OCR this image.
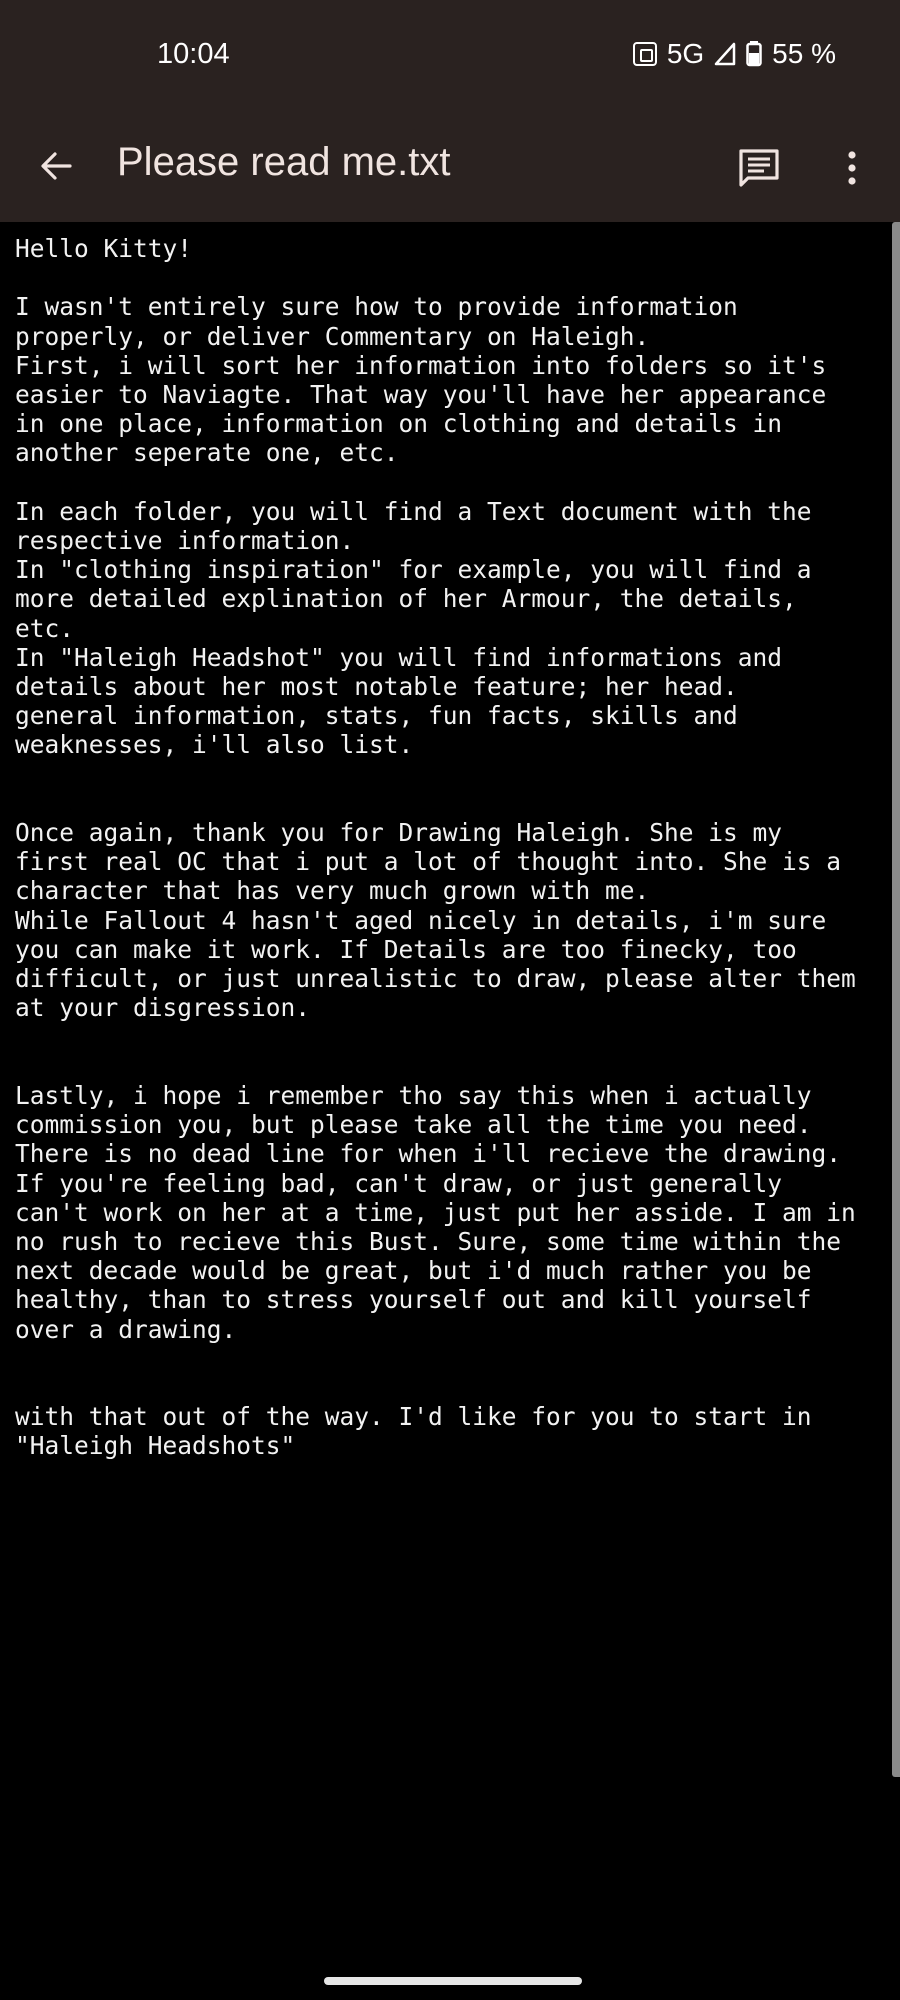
10:04	5G 55 %
Please read me.txt
Hello Kitty!

I wasn't entirely sure how to provide information
properly, or deliver Commentary on Haleigh.
First, i will sort her information into folders so it's
easier to Naviagte. That way you'll have her appearance
in one place, information on clothing and details in
another seperate one, etc.

In each folder, you will find a Text document with the
respective information.
In "clothing inspiration" for example, you will find a
more detailed explination of her Armour, the details,
etc.
In "Haleigh Headshot" you will find informations and
details about her most notable feature; her head.
general information, stats, fun facts, skills and
weaknesses, i'll also list.

Once again, thank you for Drawing Haleigh. She is my
first real OC that i put a lot of thought into. She is a
character that has very much grown with me.
While Fallout 4 hasn't aged nicely in details, i'm sure
you can make it work. If Details are too finecky, too
difficult, or just unrealistic to draw, please alter them
at your disgression.

Lastly, i hope i remember tho say this when i actually
commission you, but please take all the time you need.
There is no dead line for when i'll recieve the drawing.
If you're feeling bad, can't draw, or just generally
can't work on her at a time, just put her asside. I am in
no rush to recieve this Bust. Sure, some time within the
next decade would be great, but i'd much rather you be
healthy, than to stress yourself out and kill yourself
over a drawing.

with that out of the way. I'd like for you to start in
"Haleigh Headshots"
